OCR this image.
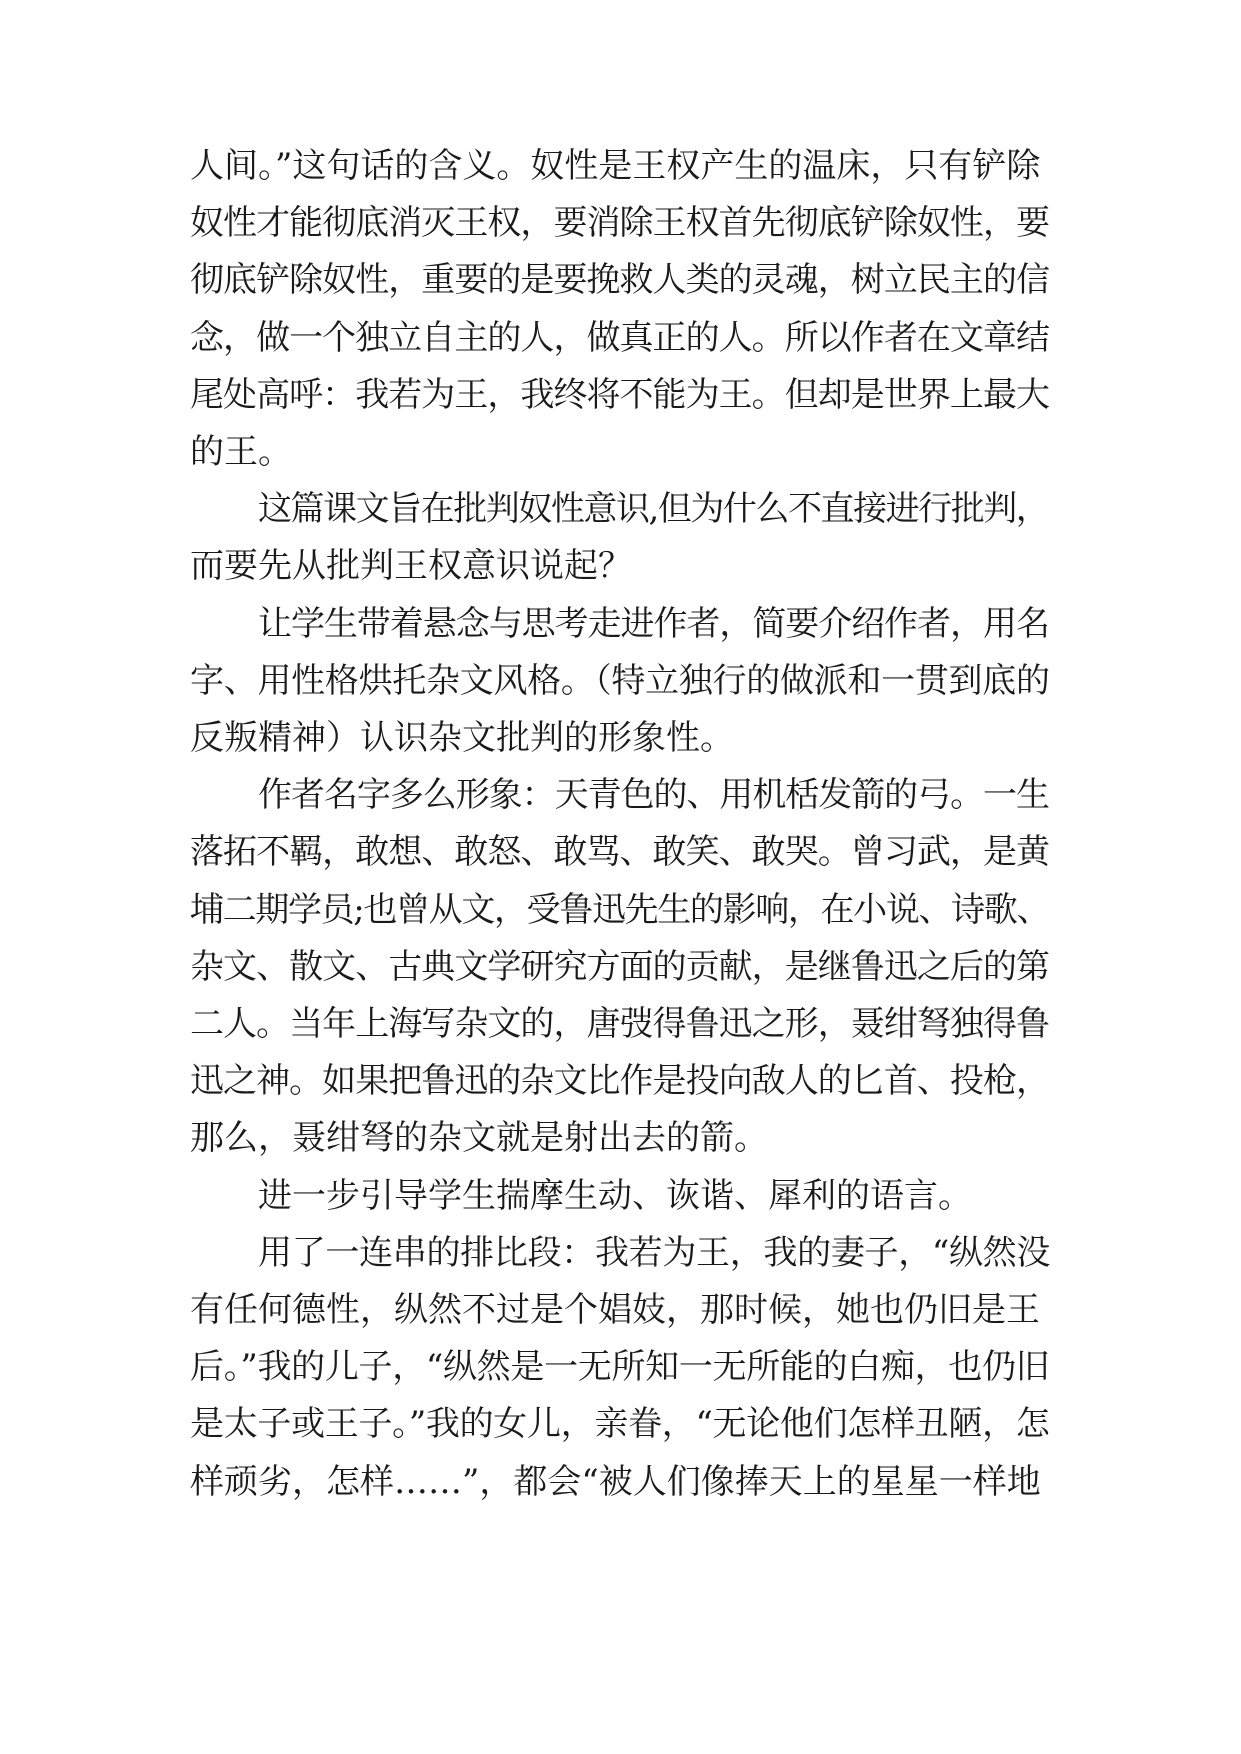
人间。”这句话的含义。奴性是王权产生的温床，只有铲除
奴性才能彻底消灭王权，要消除王权首先彻底铲除奴性，要
彻底铲除奴性，重要的是要挽救人类的灵魂，树立民主的信
念，做一个独立自主的人，做真正的人。所以作者在文章结
尾处高呼：我若为王，我终将不能为王。但却是世界上最大
的王。
这篇课文旨在批判奴性意识,但为什么不直接进行批判，
而要先从批判王权意识说起？
让学生带着悬念与思考走进作者，简要介绍作者，用名
字、用性格烘托杂文风格。（特立独行的做派和一贯到底的
反叛精神）认识杂文批判的形象性。
作者名字多么形象：天青色的、用机栝发箭的弓。一生
落拓不羁，敢想、敢怒、敢骂、敢笑、敢哭。曾习武，是黄
埔二期学员;也曾从文，受鲁迅先生的影响，在小说、诗歌、
杂文、散文、古典文学研究方面的贡献，是继鲁迅之后的第
二人。当年上海写杂文的，唐弢得鲁迅之形，聂绀弩独得鲁
迅之神。如果把鲁迅的杂文比作是投向敌人的匕首、投枪，
那么，聂绀弩的杂文就是射出去的箭。
进一步引导学生揣摩生动、诙谐、犀利的语言。
用了一连串的排比段：我若为王，我的妻子，“纵然没
有任何德性，纵然不过是个娼妓，那时候，她也仍旧是王
后。”我的儿子，“纵然是一无所知一无所能的白痴，也仍旧
是太子或王子。”我的女儿，亲眷，“无论他们怎样丑陋，怎
样顽劣，怎样……”，都会“被人们像捧天上的星星一样地
